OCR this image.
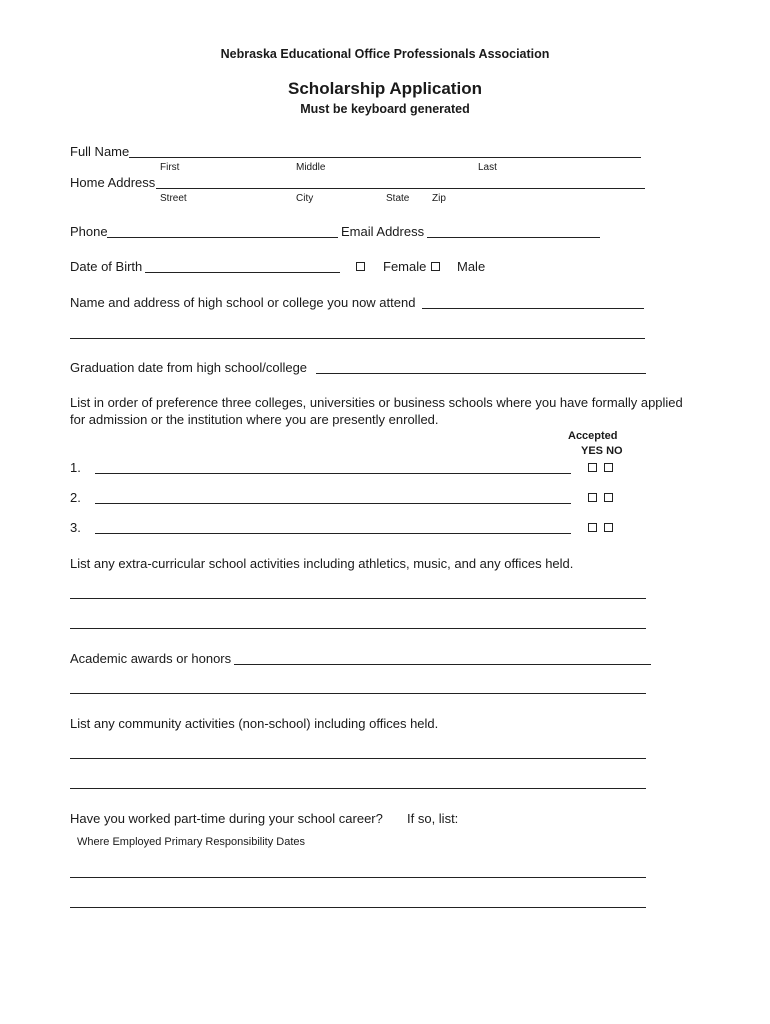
Nebraska Educational Office Professionals Association
Scholarship Application
Must be keyboard generated
Full Name
First	Middle	Last
Home Address
Street	City	State Zip
Phone	Email Address
Date of Birth	Female Male
Name and address of high school or college you now attend
Graduation date from high school/college
List in order of preference three colleges, universities or business schools where you have formally applied
for admission or the institution where you are presently enrolled.
Accepted
YES NO
1.
2.
3.
List any extra-curricular school activities including athletics, music, and any offices held.
Academic awards or honors
List any community activities (non-school) including offices held.
Have you worked part-time during your school career? If so, list:
Where Employed Primary Responsibility Dates
